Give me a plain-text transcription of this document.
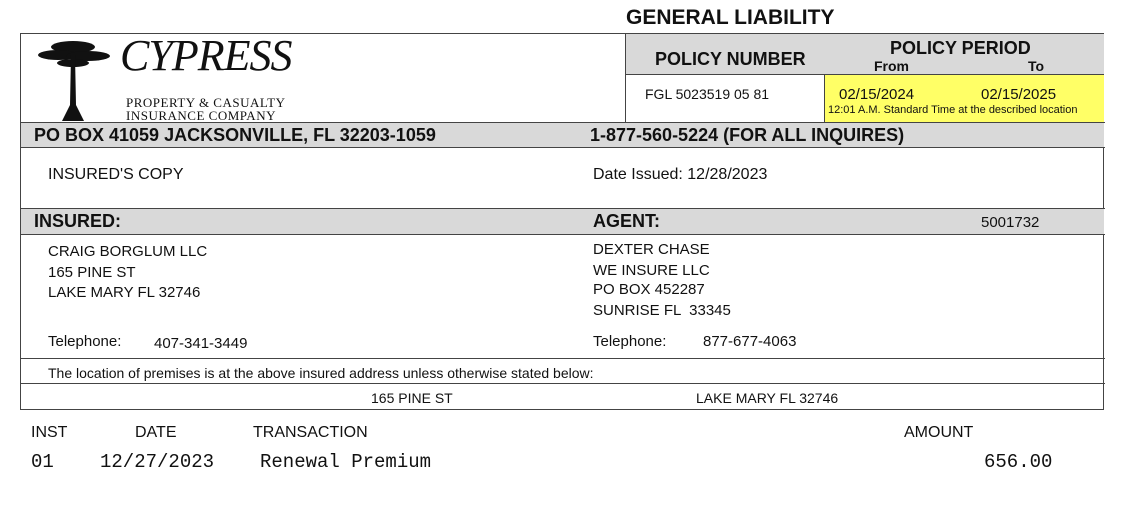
GENERAL LIABILITY
CYPRESS
PROPERTY & CASUALTY
INSURANCE COMPANY
POLICY NUMBER
POLICY PERIOD
From	To
FGL 5023519 05 81	02/15/2024	02/15/2025
12:01 A.M. Standard Time at the described location
PO BOX 41059 JACKSONVILLE, FL 32203-1059	1-877-560-5224 (FOR ALL INQUIRES)
INSURED'S COPY	Date Issued: 12/28/2023
INSURED:	AGENT:	5001732
CRAIG BORGLUM LLC
165 PINE ST
LAKE MARY FL 32746
Telephone: 407-341-3449
DEXTER CHASE
WE INSURE LLC
PO BOX 452287
SUNRISE FL  33345
Telephone: 877-677-4063
The location of premises is at the above insured address unless otherwise stated below:
165 PINE ST	LAKE MARY FL 32746
INST	DATE	TRANSACTION	AMOUNT
01 12/27/2023 Renewal Premium	656.00
